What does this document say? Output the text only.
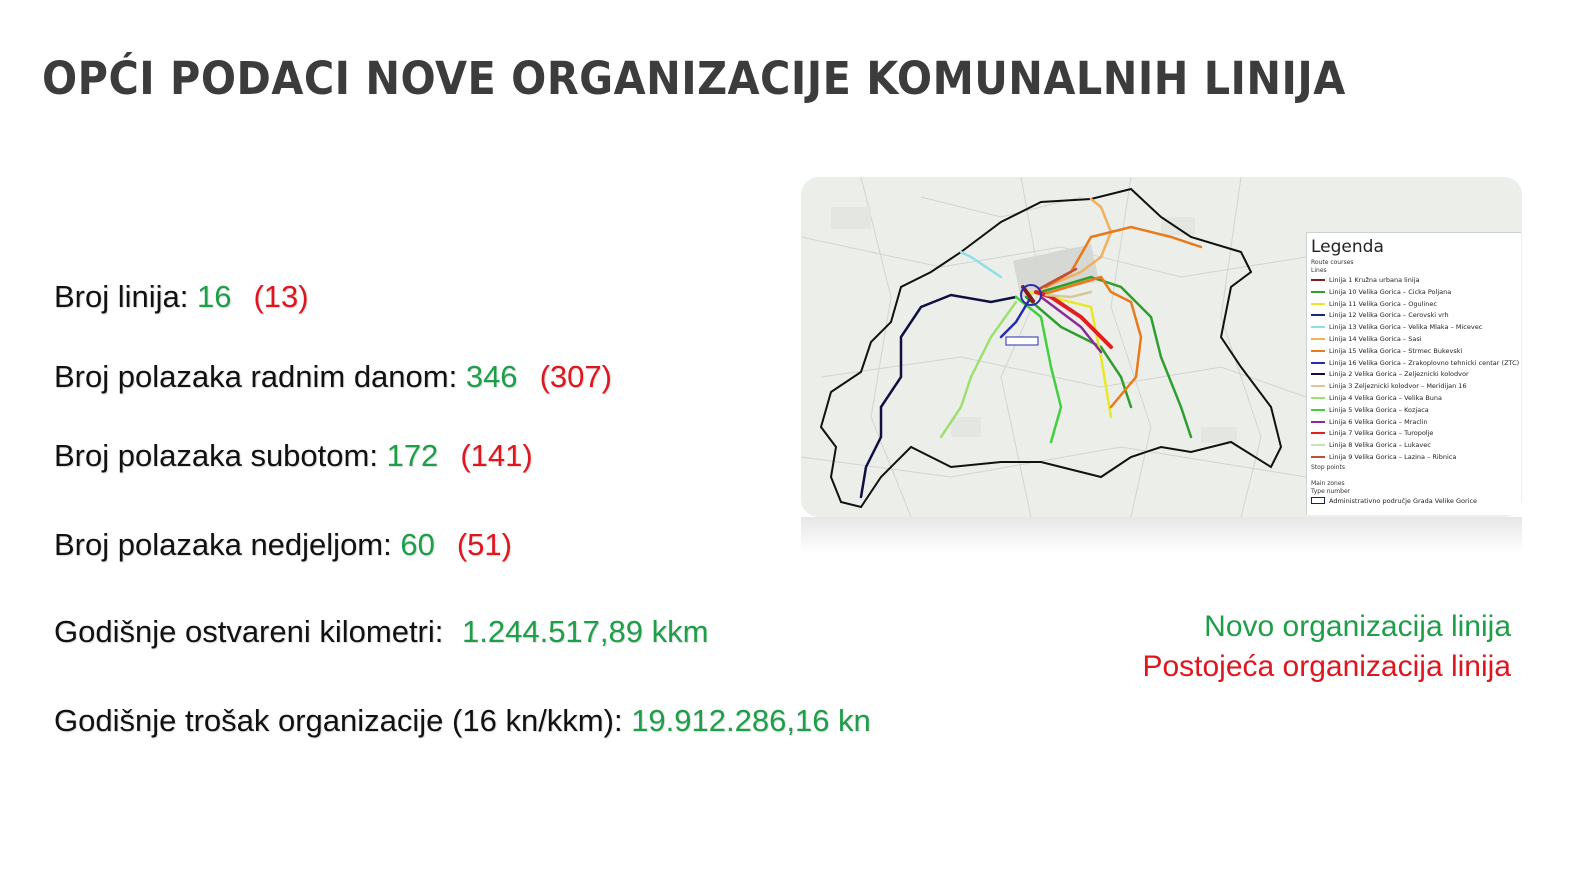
OPĆI PODACI NOVE ORGANIZACIJE KOMUNALNIH LINIJA
Broj linija: 16 (13)
Broj polazaka radnim danom: 346 (307)
Broj polazaka subotom: 172 (141)
Broj polazaka nedjeljom: 60 (51)
Godišnje ostvareni kilometri: 1.244.517,89 kkm
Godišnje trošak organizacije (16 kn/kkm): 19.912.286,16 kn
Legenda
Route courses
Lines
Linija 1 Kružna urbana linija
Linija 10 Velika Gorica – Cicka Poljana
Linija 11 Velika Gorica – Ogulinec
Linija 12 Velika Gorica – Cerovski vrh
Linija 13 Velika Gorica – Velika Mlaka – Micevec
Linija 14 Velika Gorica – Sasi
Linija 15 Velika Gorica – Strmec Bukevski
Linija 16 Velika Gorica – Zrakoplovno tehnicki centar (ZTC)
Linija 2 Velika Gorica – Zeljeznicki kolodvor
Linija 3 Zeljeznicki kolodvor – Meridijan 16
Linija 4 Velika Gorica – Velika Buna
Linija 5 Velika Gorica – Kozjaca
Linija 6 Velika Gorica – Mraclin
Linija 7 Velika Gorica – Turopolje
Linija 8 Velika Gorica – Lukavec
Linija 9 Velika Gorica – Lazina – Ribnica
Stop points
Main zones
Type number
Administrativno područje Grada Velike Gorice
Novo organizacija linija
Postojeća organizacija linija
